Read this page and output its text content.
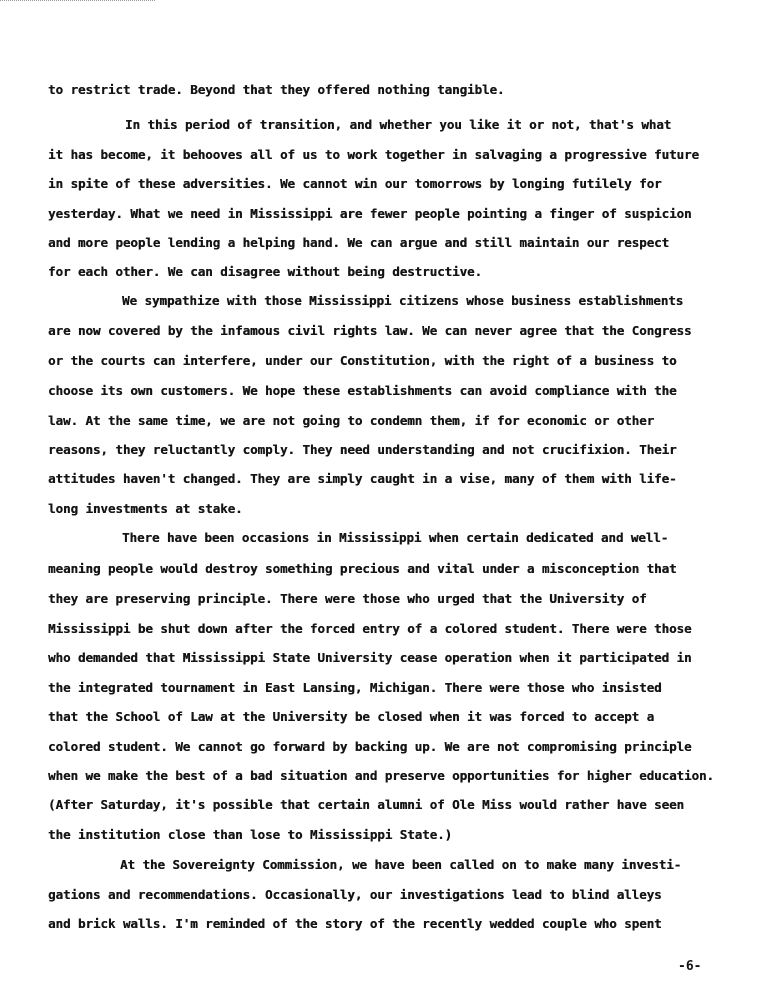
to restrict trade. Beyond that they offered nothing tangible.
In this period of transition, and whether you like it or not, that's what
it has become, it behooves all of us to work together in salvaging a progressive future
in spite of these adversities. We cannot win our tomorrows by longing futilely for
yesterday. What we need in Mississippi are fewer people pointing a finger of suspicion
and more people lending a helping hand. We can argue and still maintain our respect
for each other. We can disagree without being destructive.
We sympathize with those Mississippi citizens whose business establishments
are now covered by the infamous civil rights law. We can never agree that the Congress
or the courts can interfere, under our Constitution, with the right of a business to
choose its own customers. We hope these establishments can avoid compliance with the
law. At the same time, we are not going to condemn them, if for economic or other
reasons, they reluctantly comply. They need understanding and not crucifixion. Their
attitudes haven't changed. They are simply caught in a vise, many of them with life-
long investments at stake.
There have been occasions in Mississippi when certain dedicated and well-
meaning people would destroy something precious and vital under a misconception that
they are preserving principle. There were those who urged that the University of
Mississippi be shut down after the forced entry of a colored student. There were those
who demanded that Mississippi State University cease operation when it participated in
the integrated tournament in East Lansing, Michigan. There were those who insisted
that the School of Law at the University be closed when it was forced to accept a
colored student. We cannot go forward by backing up. We are not compromising principle
when we make the best of a bad situation and preserve opportunities for higher education.
(After Saturday, it's possible that certain alumni of Ole Miss would rather have seen
the institution close than lose to Mississippi State.)
At the Sovereignty Commission, we have been called on to make many investi-
gations and recommendations. Occasionally, our investigations lead to blind alleys
and brick walls. I'm reminded of the story of the recently wedded couple who spent
-6-
